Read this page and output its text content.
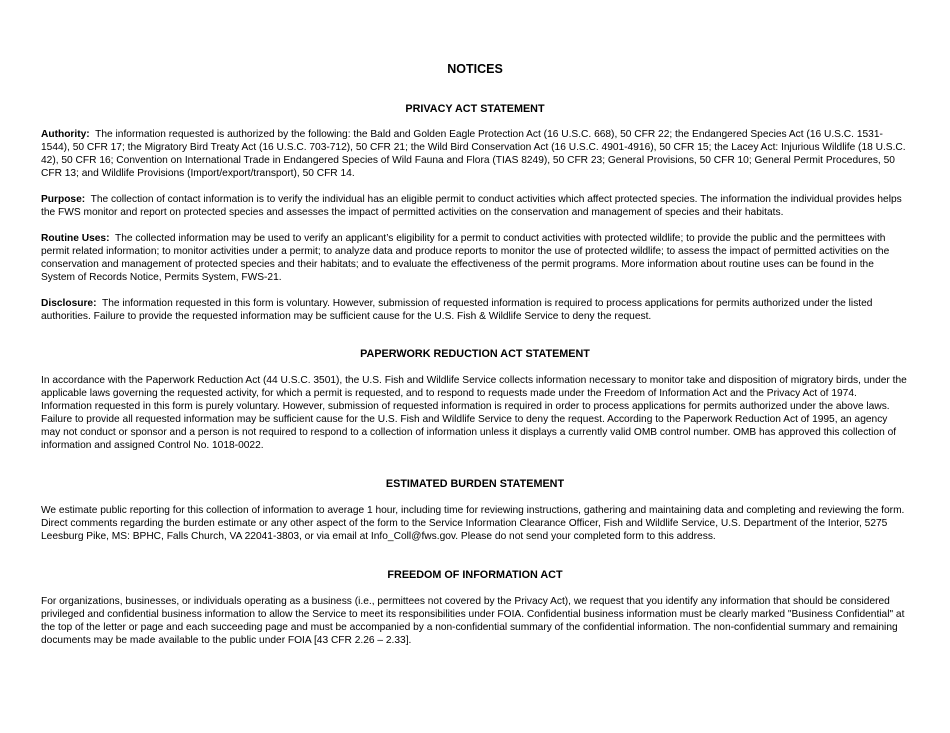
NOTICES
PRIVACY ACT STATEMENT
Authority: The information requested is authorized by the following: the Bald and Golden Eagle Protection Act (16 U.S.C. 668), 50 CFR 22; the Endangered Species Act (16 U.S.C. 1531-1544), 50 CFR 17; the Migratory Bird Treaty Act (16 U.S.C. 703-712), 50 CFR 21; the Wild Bird Conservation Act (16 U.S.C. 4901-4916), 50 CFR 15; the Lacey Act: Injurious Wildlife (18 U.S.C. 42), 50 CFR 16; Convention on International Trade in Endangered Species of Wild Fauna and Flora (TIAS 8249), 50 CFR 23; General Provisions, 50 CFR 10; General Permit Procedures, 50 CFR 13; and Wildlife Provisions (Import/export/transport), 50 CFR 14.
Purpose: The collection of contact information is to verify the individual has an eligible permit to conduct activities which affect protected species. The information the individual provides helps the FWS monitor and report on protected species and assesses the impact of permitted activities on the conservation and management of species and their habitats.
Routine Uses: The collected information may be used to verify an applicant’s eligibility for a permit to conduct activities with protected wildlife; to provide the public and the permittees with permit related information; to monitor activities under a permit; to analyze data and produce reports to monitor the use of protected wildlife; to assess the impact of permitted activities on the conservation and management of protected species and their habitats; and to evaluate the effectiveness of the permit programs. More information about routine uses can be found in the System of Records Notice, Permits System, FWS-21.
Disclosure: The information requested in this form is voluntary. However, submission of requested information is required to process applications for permits authorized under the listed authorities. Failure to provide the requested information may be sufficient cause for the U.S. Fish & Wildlife Service to deny the request.
PAPERWORK REDUCTION ACT STATEMENT
In accordance with the Paperwork Reduction Act (44 U.S.C. 3501), the U.S. Fish and Wildlife Service collects information necessary to monitor take and disposition of migratory birds, under the applicable laws governing the requested activity, for which a permit is requested, and to respond to requests made under the Freedom of Information Act and the Privacy Act of 1974. Information requested in this form is purely voluntary. However, submission of requested information is required in order to process applications for permits authorized under the above laws. Failure to provide all requested information may be sufficient cause for the U.S. Fish and Wildlife Service to deny the request. According to the Paperwork Reduction Act of 1995, an agency may not conduct or sponsor and a person is not required to respond to a collection of information unless it displays a currently valid OMB control number. OMB has approved this collection of information and assigned Control No. 1018-0022.
ESTIMATED BURDEN STATEMENT
We estimate public reporting for this collection of information to average 1 hour, including time for reviewing instructions, gathering and maintaining data and completing and reviewing the form. Direct comments regarding the burden estimate or any other aspect of the form to the Service Information Clearance Officer, Fish and Wildlife Service, U.S. Department of the Interior, 5275 Leesburg Pike, MS: BPHC, Falls Church, VA 22041-3803, or via email at Info_Coll@fws.gov. Please do not send your completed form to this address.
FREEDOM OF INFORMATION ACT
For organizations, businesses, or individuals operating as a business (i.e., permittees not covered by the Privacy Act), we request that you identify any information that should be considered privileged and confidential business information to allow the Service to meet its responsibilities under FOIA. Confidential business information must be clearly marked "Business Confidential" at the top of the letter or page and each succeeding page and must be accompanied by a non-confidential summary of the confidential information. The non-confidential summary and remaining documents may be made available to the public under FOIA [43 CFR 2.26 – 2.33].
